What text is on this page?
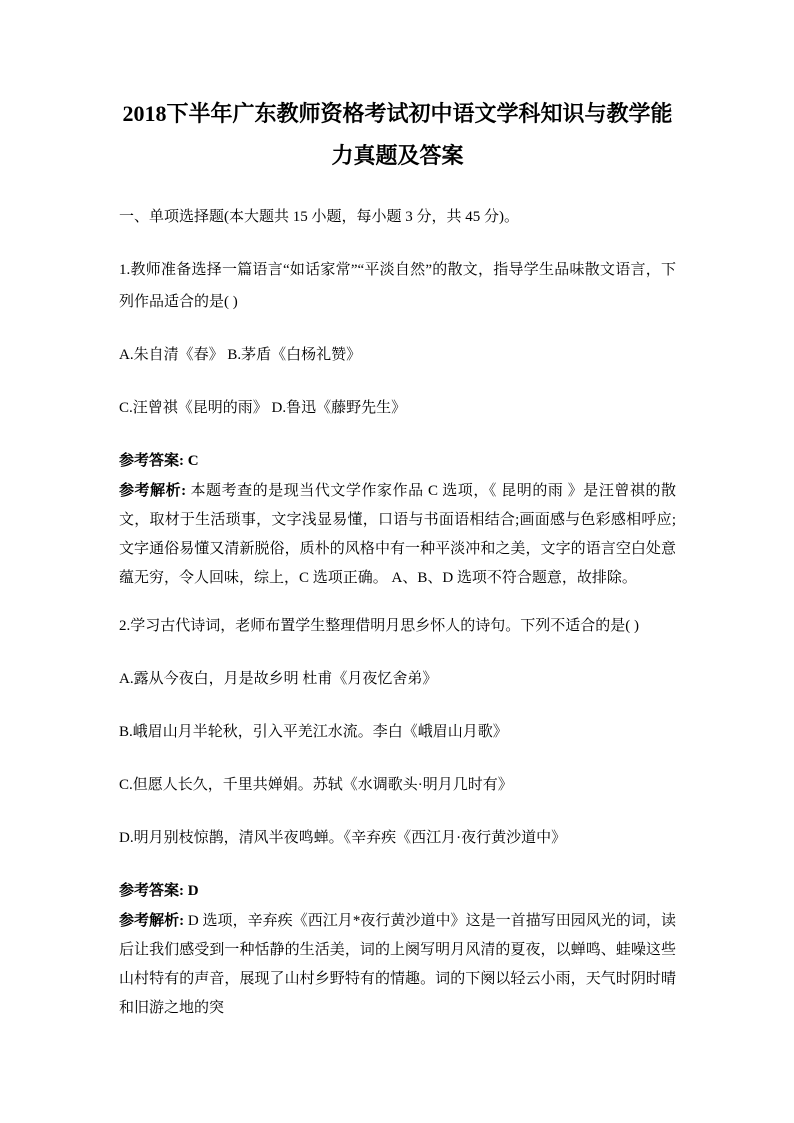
2018下半年广东教师资格考试初中语文学科知识与教学能力真题及答案

一、单项选择题(本大题共 15 小题，每小题 3 分，共 45 分)。

1.教师准备选择一篇语言“如话家常”“平淡自然”的散文，指导学生品味散文语言，下列作品适合的是( )

A.朱自清《春》 B.茅盾《白杨礼赞》

C.汪曾祺《昆明的雨》 D.鲁迅《藤野先生》

参考答案: C

参考解析: 本题考查的是现当代文学作家作品 C 选项，《 昆明的雨 》是汪曾祺的散文，取材于生活琐事，文字浅显易懂，口语与书面语相结合;画面感与色彩感相呼应;文字通俗易懂又清新脱俗，质朴的风格中有一种平淡冲和之美，文字的语言空白处意蕴无穷，令人回味，综上，C 选项正确。 A、B、D 选项不符合题意，故排除。

2.学习古代诗词，老师布置学生整理借明月思乡怀人的诗句。下列不适合的是( )

A.露从今夜白，月是故乡明 杜甫《月夜忆舍弟》

B.峨眉山月半轮秋，引入平羌江水流。李白《峨眉山月歌》

C.但愿人长久，千里共婵娟。苏轼《水调歌头·明月几时有》

D.明月别枝惊鹊，清风半夜鸣蝉。《辛弃疾《西江月·夜行黄沙道中》

参考答案: D

参考解析: D 选项，辛弃疾《西江月*夜行黄沙道中》这是一首描写田园风光的词，读后让我们感受到一种恬静的生活美，词的上阕写明月风清的夏夜，以蝉鸣、蛙噪这些山村特有的声音，展现了山村乡野特有的情趣。词的下阕以轻云小雨，天气时阴时晴和旧游之地的突
